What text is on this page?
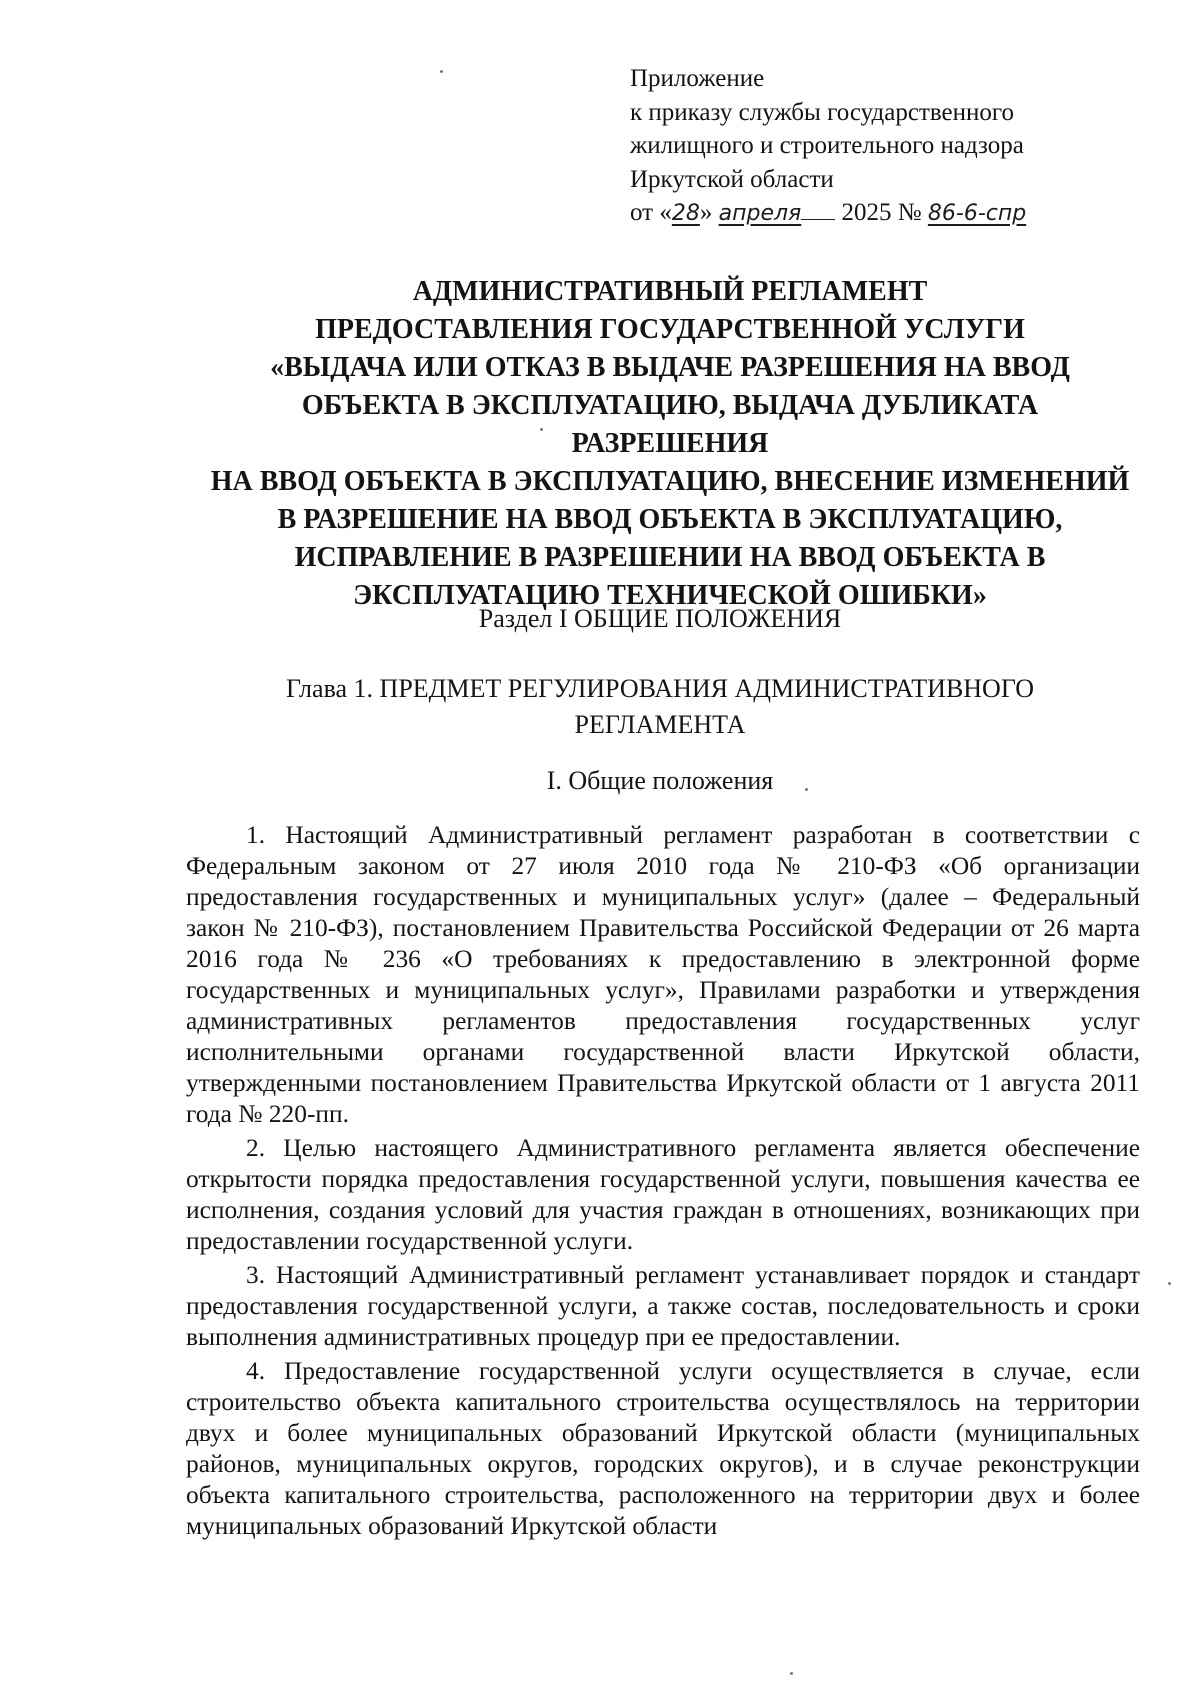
Приложение
к приказу службы государственного
жилищного и строительного надзора
Иркутской области
от «28» апреля 2025 № 86-6-спр
АДМИНИСТРАТИВНЫЙ РЕГЛАМЕНТ
ПРЕДОСТАВЛЕНИЯ ГОСУДАРСТВЕННОЙ УСЛУГИ
«ВЫДАЧА ИЛИ ОТКАЗ В ВЫДАЧЕ РАЗРЕШЕНИЯ НА ВВОД
ОБЪЕКТА В ЭКСПЛУАТАЦИЮ, ВЫДАЧА ДУБЛИКАТА
РАЗРЕШЕНИЯ
НА ВВОД ОБЪЕКТА В ЭКСПЛУАТАЦИЮ, ВНЕСЕНИЕ ИЗМЕНЕНИЙ
В РАЗРЕШЕНИЕ НА ВВОД ОБЪЕКТА В ЭКСПЛУАТАЦИЮ,
ИСПРАВЛЕНИЕ В РАЗРЕШЕНИИ НА ВВОД ОБЪЕКТА В
ЭКСПЛУАТАЦИЮ ТЕХНИЧЕСКОЙ ОШИБКИ»
Раздел I ОБЩИЕ ПОЛОЖЕНИЯ
Глава 1. ПРЕДМЕТ РЕГУЛИРОВАНИЯ АДМИНИСТРАТИВНОГО
РЕГЛАМЕНТА
I. Общие положения

1. Настоящий Административный регламент разработан в соответствии с Федеральным законом от 27 июля 2010 года № 210-ФЗ «Об организации предоставления государственных и муниципальных услуг» (далее – Федеральный закон № 210-ФЗ), постановлением Правительства Российской Федерации от 26 марта 2016 года № 236 «О требованиях к предоставлению в электронной форме государственных и муниципальных услуг», Правилами разработки и утверждения административных регламентов предоставления государственных услуг исполнительными органами государственной власти Иркутской области, утвержденными постановлением Правительства Иркутской области от 1 августа 2011 года № 220-пп.

2. Целью настоящего Административного регламента является обеспечение открытости порядка предоставления государственной услуги, повышения качества ее исполнения, создания условий для участия граждан в отношениях, возникающих при предоставлении государственной услуги.

3. Настоящий Административный регламент устанавливает порядок и стандарт предоставления государственной услуги, а также состав, последовательность и сроки выполнения административных процедур при ее предоставлении.

4. Предоставление государственной услуги осуществляется в случае, если строительство объекта капитального строительства осуществлялось на территории двух и более муниципальных образований Иркутской области (муниципальных районов, муниципальных округов, городских округов), и в случае реконструкции объекта капитального строительства, расположенного на территории двух и более муниципальных образований Иркутской области
